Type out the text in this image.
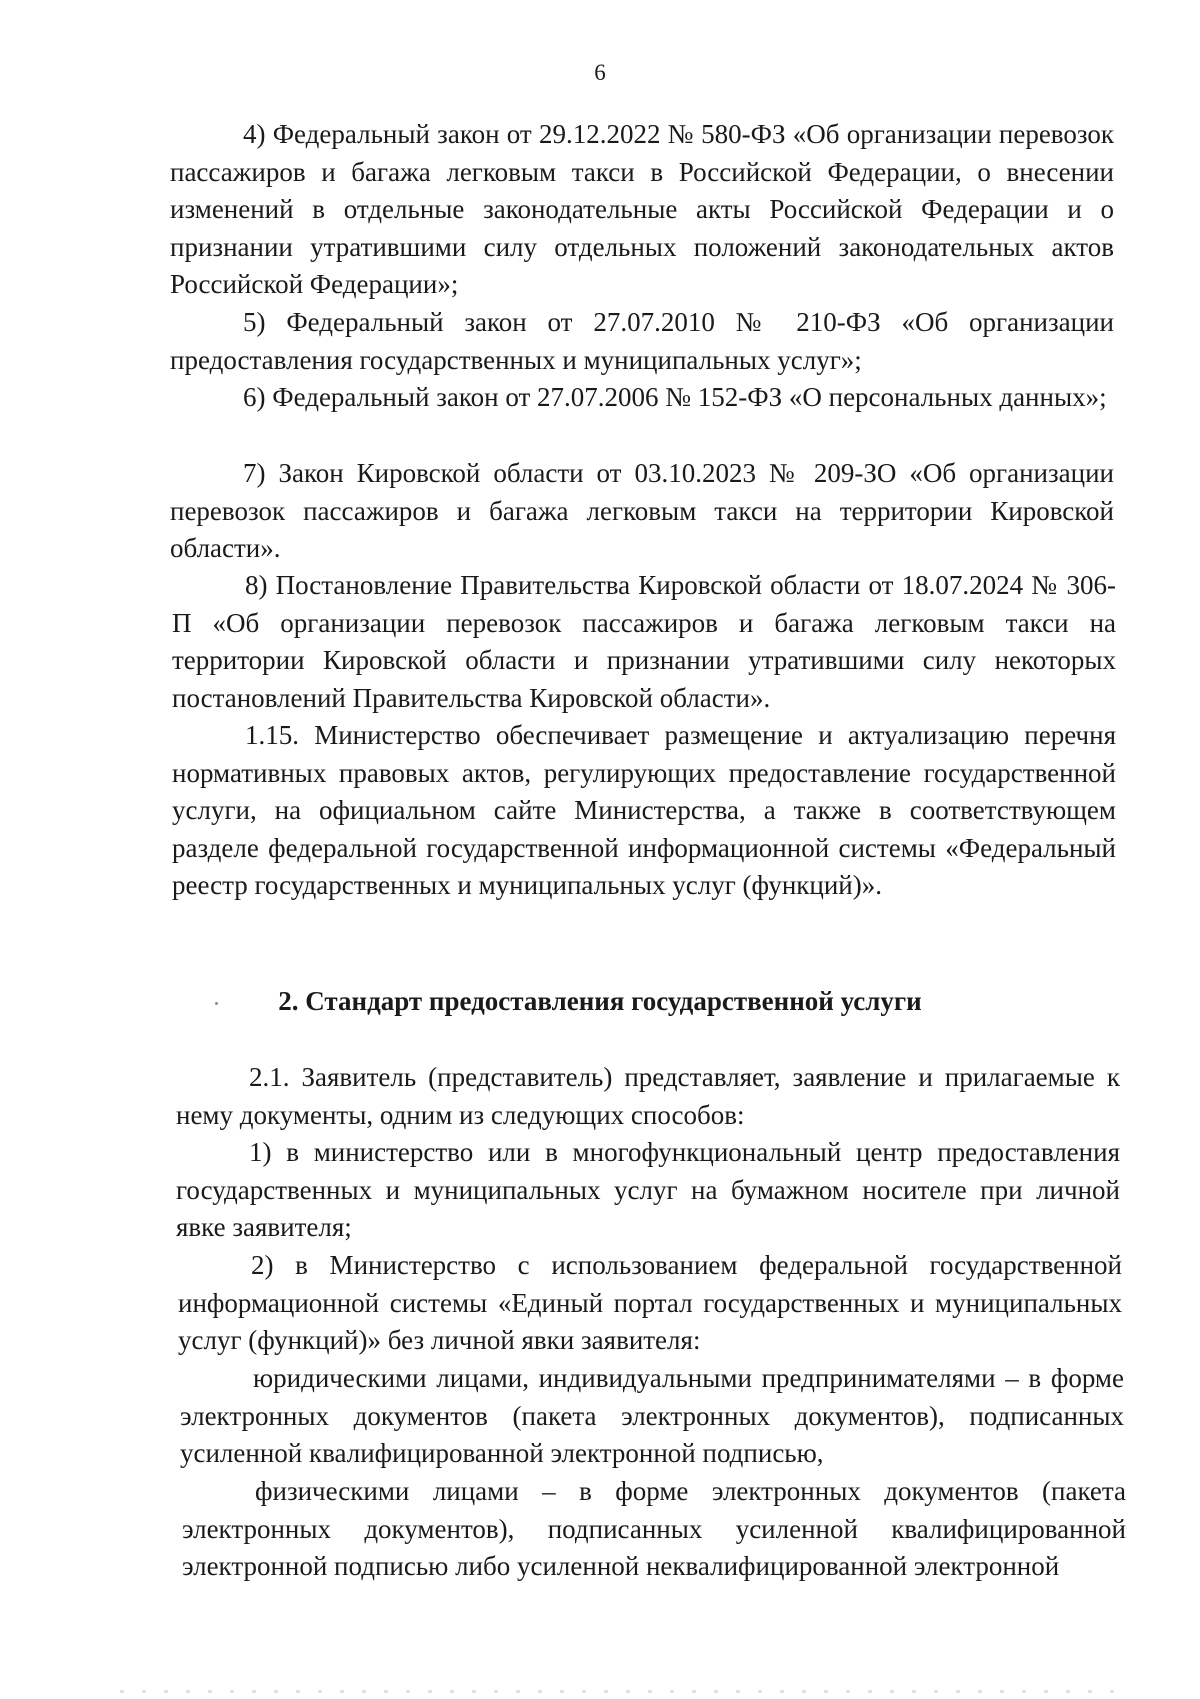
6

4) Федеральный закон от 29.12.2022 № 580-ФЗ «Об организации перевозок пассажиров и багажа легковым такси в Российской Федерации, о внесении изменений в отдельные законодательные акты Российской Федерации и о признании утратившими силу отдельных положений законодательных актов Российской Федерации»;

5) Федеральный закон от 27.07.2010 № 210-ФЗ «Об организации предоставления государственных и муниципальных услуг»;

6) Федеральный закон от 27.07.2006 № 152-ФЗ «О персональных данных»;

7) Закон Кировской области от 03.10.2023 № 209-ЗО «Об организации перевозок пассажиров и багажа легковым такси на территории Кировской области».

8) Постановление Правительства Кировской области от 18.07.2024 № 306-П «Об организации перевозок пассажиров и багажа легковым такси на территории Кировской области и признании утратившими силу некоторых постановлений Правительства Кировской области».

1.15. Министерство обеспечивает размещение и актуализацию перечня нормативных правовых актов, регулирующих предоставление государственной услуги, на официальном сайте Министерства, а также в соответствующем разделе федеральной государственной информационной системы «Федеральный реестр государственных и муниципальных услуг (функций)».

2. Стандарт предоставления государственной услуги

2.1. Заявитель (представитель) представляет, заявление и прилагаемые к нему документы, одним из следующих способов:

1) в министерство или в многофункциональный центр предоставления государственных и муниципальных услуг на бумажном носителе при личной явке заявителя;

2) в Министерство с использованием федеральной государственной информационной системы «Единый портал государственных и муниципальных услуг (функций)» без личной явки заявителя:

юридическими лицами, индивидуальными предпринимателями – в форме электронных документов (пакета электронных документов), подписанных усиленной квалифицированной электронной подписью,

физическими лицами – в форме электронных документов (пакета электронных документов), подписанных усиленной квалифицированной электронной подписью либо усиленной неквалифицированной электронной
